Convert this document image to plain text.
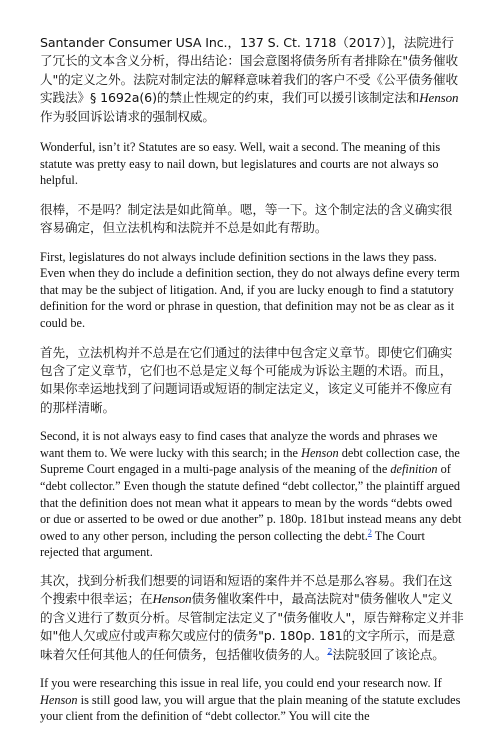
Santander Consumer USA Inc.，137 S. Ct. 1718（2017）]，法院进行了冗长的文本含义分析，得出结论：国会意图将债务所有者排除在"债务催收人"的定义之外。法院对制定法的解释意味着我们的客户不受《公平债务催收实践法》§ 1692a(6)的禁止性规定的约束，我们可以援引该制定法和Henson作为驳回诉讼请求的强制权威。

Wonderful, isn’t it? Statutes are so easy. Well, wait a second. The meaning of this statute was pretty easy to nail down, but legislatures and courts are not always so helpful.

很棒，不是吗？制定法是如此简单。嗯，等一下。这个制定法的含义确实很容易确定，但立法机构和法院并不总是如此有帮助。

First, legislatures do not always include definition sections in the laws they pass. Even when they do include a definition section, they do not always define every term that may be the subject of litigation. And, if you are lucky enough to find a statutory definition for the word or phrase in question, that definition may not be as clear as it could be.

首先，立法机构并不总是在它们通过的法律中包含定义章节。即使它们确实包含了定义章节，它们也不总是定义每个可能成为诉讼主题的术语。而且，如果你幸运地找到了问题词语或短语的制定法定义，该定义可能并不像应有的那样清晰。

Second, it is not always easy to find cases that analyze the words and phrases we want them to. We were lucky with this search; in the Henson debt collection case, the Supreme Court engaged in a multi-page analysis of the meaning of the definition of “debt collector.” Even though the statute defined “debt collector,” the plaintiff argued that the definition does not mean what it appears to mean by the words “debts owed or due or asserted to be owed or due another” p. 180p. 181but instead means any debt owed to any other person, including the person collecting the debt.$^2$ The Court rejected that argument.

其次，找到分析我们想要的词语和短语的案件并不总是那么容易。我们在这个搜索中很幸运；在Henson债务催收案件中，最高法院对"债务催收人"定义的含义进行了数页分析。尽管制定法定义了"债务催收人"，原告辩称定义并非如"他人欠或应付或声称欠或应付的债务"p. 180p. 181的文字所示，而是意味着欠任何其他人的任何债务，包括催收债务的人。$^2$法院驳回了该论点。

If you were researching this issue in real life, you could end your research now. If Henson is still good law, you will argue that the plain meaning of the statute excludes your client from the definition of “debt collector.” You will cite the
